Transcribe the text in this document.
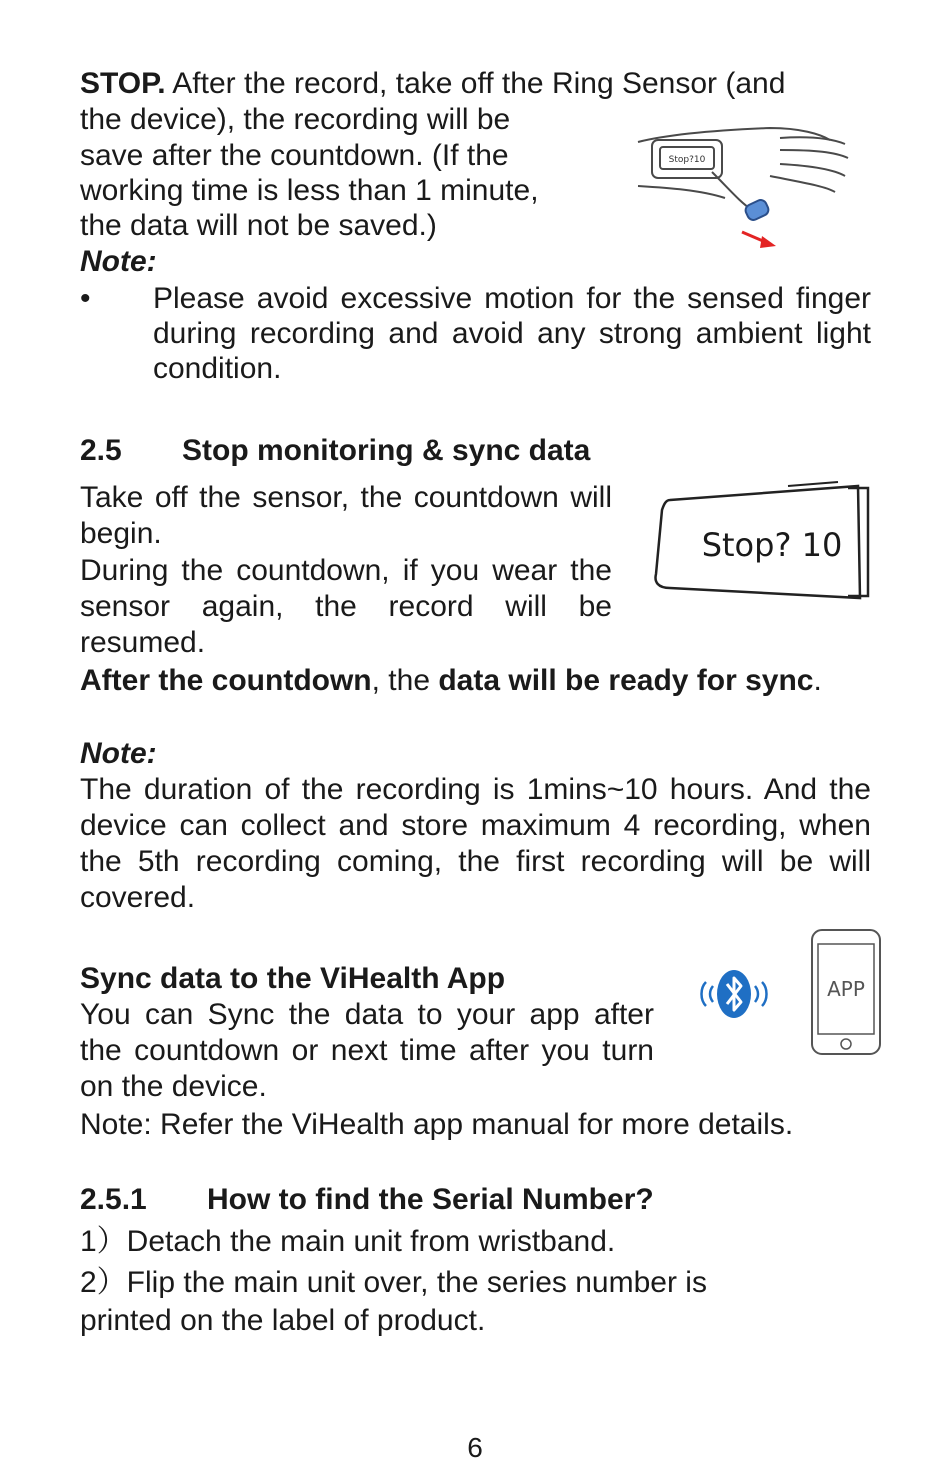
STOP. After the record, take off the Ring Sensor (and
the device), the recording will be
save after the countdown. (If the
working time is less than 1 minute,
the data will not be saved.)
Note:
• Please avoid excessive motion for the sensed finger during recording and avoid any strong ambient light condition.
Stop?10
2.5 Stop monitoring & sync data
Take off the sensor, the countdown will begin.
During the countdown, if you wear the sensor again, the record will be resumed.
Stop? 10
After the countdown, the data will be ready for sync.
Note:
The duration of the recording is 1mins~10 hours. And the device can collect and store maximum 4 recording, when the 5th recording coming, the first recording will be will covered.
Sync data to the ViHealth App
You can Sync the data to your app after the countdown or next time after you turn on the device.
Note: Refer the ViHealth app manual for more details.
APP
2.5.1 How to find the Serial Number?
1）Detach the main unit from wristband.
2）Flip the main unit over, the series number is
printed on the label of product.
6
